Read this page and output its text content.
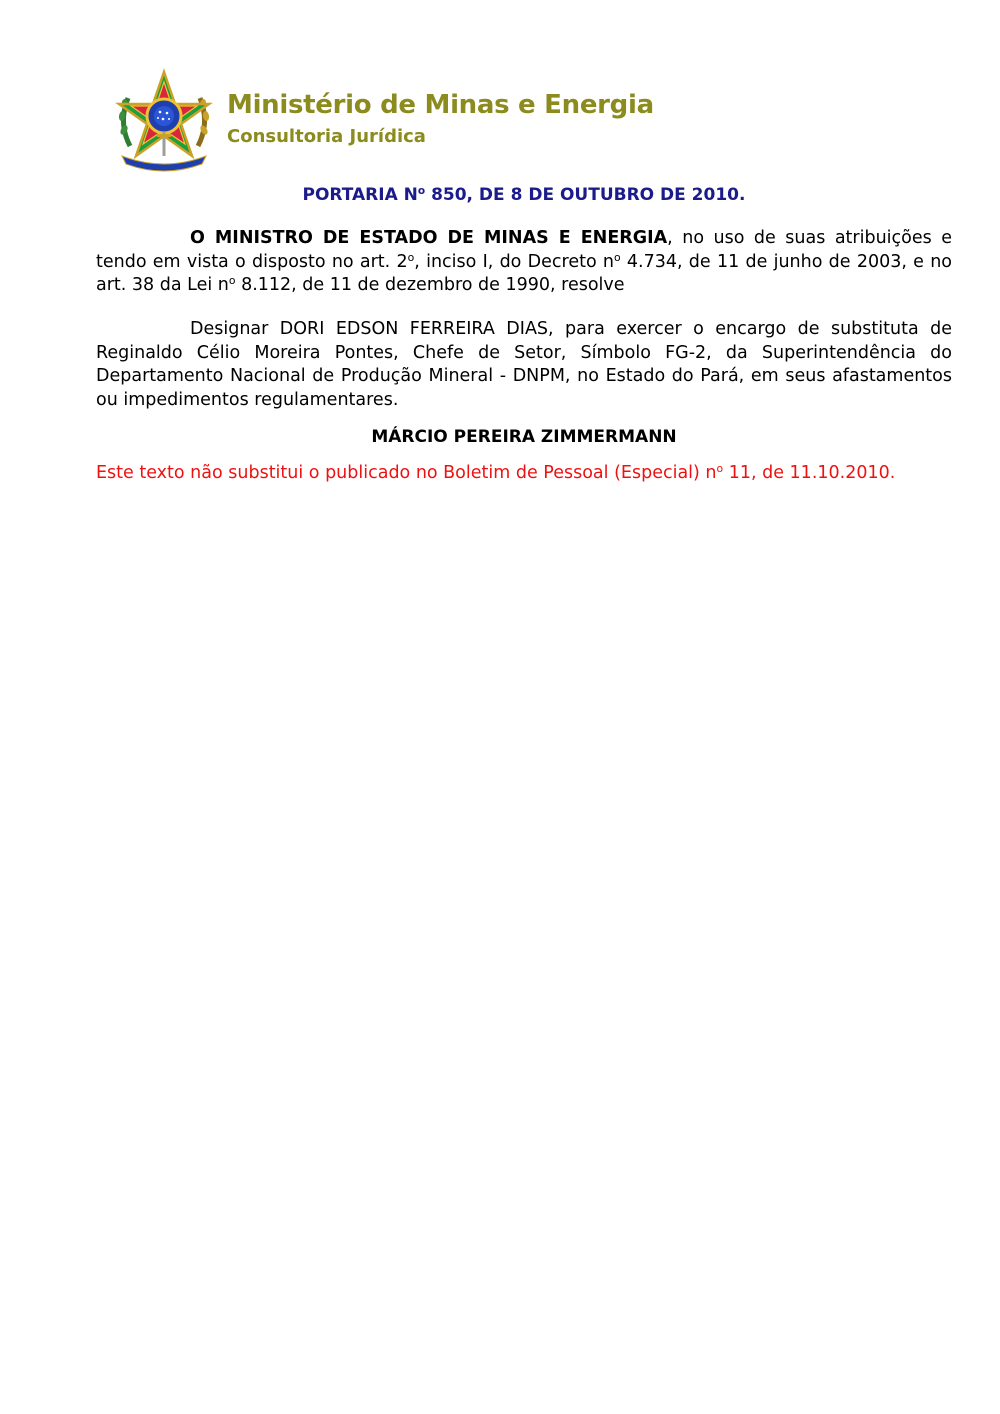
Ministério de Minas e Energia
Consultoria Jurídica
PORTARIA $N^o$ 850, DE 8 DE OUTUBRO DE 2010.

O MINISTRO DE ESTADO DE MINAS E ENERGIA, no uso de suas atribuições e tendo em vista o disposto no art. 2$^o$, inciso I, do Decreto $n^o$ 4.734, de 11 de junho de 2003, e no art. 38 da Lei $n^o$ 8.112, de 11 de dezembro de 1990, resolve

Designar DORI EDSON FERREIRA DIAS, para exercer o encargo de substituta de Reginaldo Célio Moreira Pontes, Chefe de Setor, Símbolo FG-2, da Superintendência do Departamento Nacional de Produção Mineral - DNPM, no Estado do Pará, em seus afastamentos ou impedimentos regulamentares.

MÁRCIO PEREIRA ZIMMERMANN
Este texto não substitui o publicado no Boletim de Pessoal (Especial) $n^o$ 11, de 11.10.2010.
